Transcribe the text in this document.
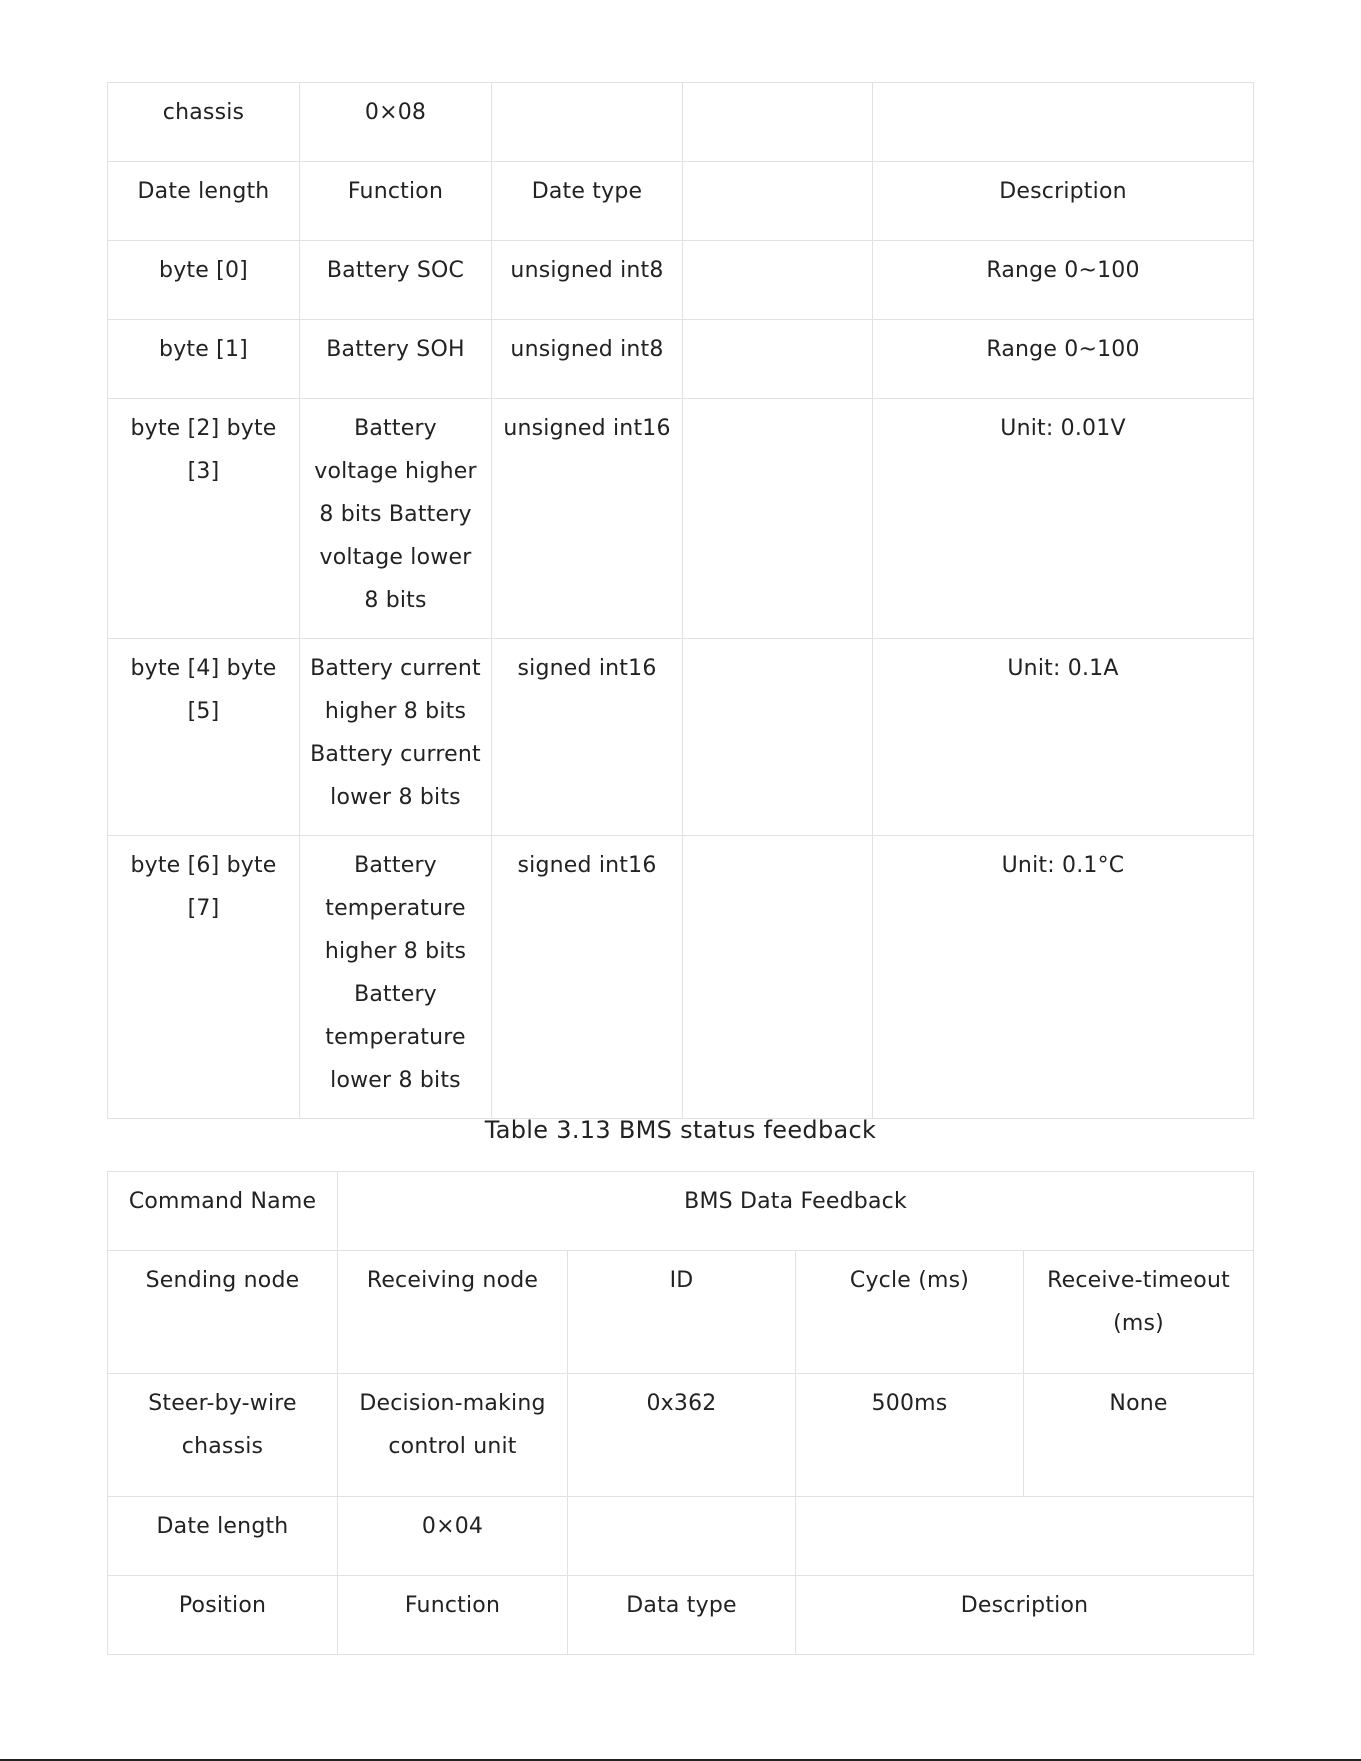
chassis	0×08			
Date length	Function	Date type		Description
byte [0]	Battery SOC	unsigned int8		Range 0~100
byte [1]	Battery SOH	unsigned int8		Range 0~100
byte [2] byte [3]	Battery voltage higher 8 bits Battery voltage lower 8 bits	unsigned int16		Unit: 0.01V
byte [4] byte [5]	Battery current higher 8 bits Battery current lower 8 bits	signed int16		Unit: 0.1A
byte [6] byte [7]	Battery temperature higher 8 bits Battery temperature lower 8 bits	signed int16		Unit: 0.1°C
Table 3.13 BMS status feedback
Command Name	BMS Data Feedback			
Sending node	Receiving node	ID	Cycle (ms)	Receive-timeout (ms)
Steer-by-wire chassis	Decision-making control unit	0x362	500ms	None
Date length	0×04			
Position	Function	Data type	Description	
